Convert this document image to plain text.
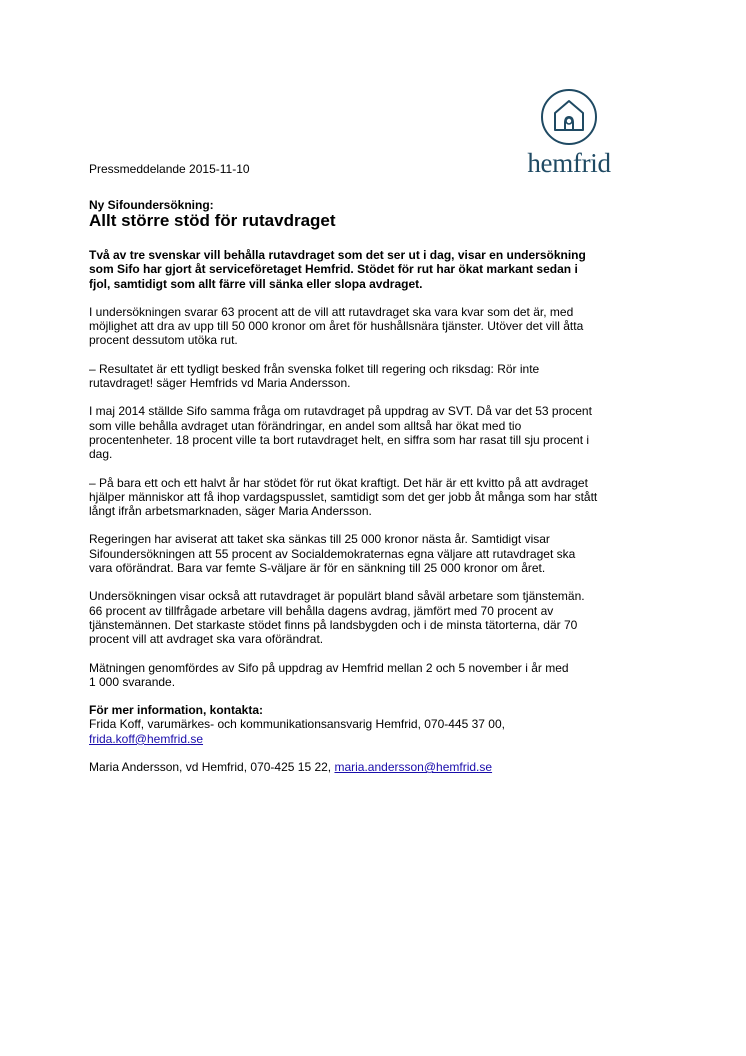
hemfrid
Pressmeddelande 2015-11-10
Ny Sifoundersökning:
Allt större stöd för rutavdraget
Två av tre svenskar vill behålla rutavdraget som det ser ut i dag, visar en undersökning
som Sifo har gjort åt serviceföretaget Hemfrid. Stödet för rut har ökat markant sedan i
fjol, samtidigt som allt färre vill sänka eller slopa avdraget.
I undersökningen svarar 63 procent att de vill att rutavdraget ska vara kvar som det är, med
möjlighet att dra av upp till 50 000 kronor om året för hushållsnära tjänster. Utöver det vill åtta
procent dessutom utöka rut.
– Resultatet är ett tydligt besked från svenska folket till regering och riksdag: Rör inte
rutavdraget! säger Hemfrids vd Maria Andersson.
I maj 2014 ställde Sifo samma fråga om rutavdraget på uppdrag av SVT. Då var det 53 procent
som ville behålla avdraget utan förändringar, en andel som alltså har ökat med tio
procentenheter. 18 procent ville ta bort rutavdraget helt, en siffra som har rasat till sju procent i
dag.
– På bara ett och ett halvt år har stödet för rut ökat kraftigt. Det här är ett kvitto på att avdraget
hjälper människor att få ihop vardagspusslet, samtidigt som det ger jobb åt många som har stått
långt ifrån arbetsmarknaden, säger Maria Andersson.
Regeringen har aviserat att taket ska sänkas till 25 000 kronor nästa år. Samtidigt visar
Sifoundersökningen att 55 procent av Socialdemokraternas egna väljare att rutavdraget ska
vara oförändrat. Bara var femte S-väljare är för en sänkning till 25 000 kronor om året.
Undersökningen visar också att rutavdraget är populärt bland såväl arbetare som tjänstemän.
66 procent av tillfrågade arbetare vill behålla dagens avdrag, jämfört med 70 procent av
tjänstemännen. Det starkaste stödet finns på landsbygden och i de minsta tätorterna, där 70
procent vill att avdraget ska vara oförändrat.
Mätningen genomfördes av Sifo på uppdrag av Hemfrid mellan 2 och 5 november i år med
1 000 svarande.
För mer information, kontakta:
Frida Koff, varumärkes- och kommunikationsansvarig Hemfrid, 070-445 37 00,
frida.koff@hemfrid.se
Maria Andersson, vd Hemfrid, 070-425 15 22, maria.andersson@hemfrid.se
